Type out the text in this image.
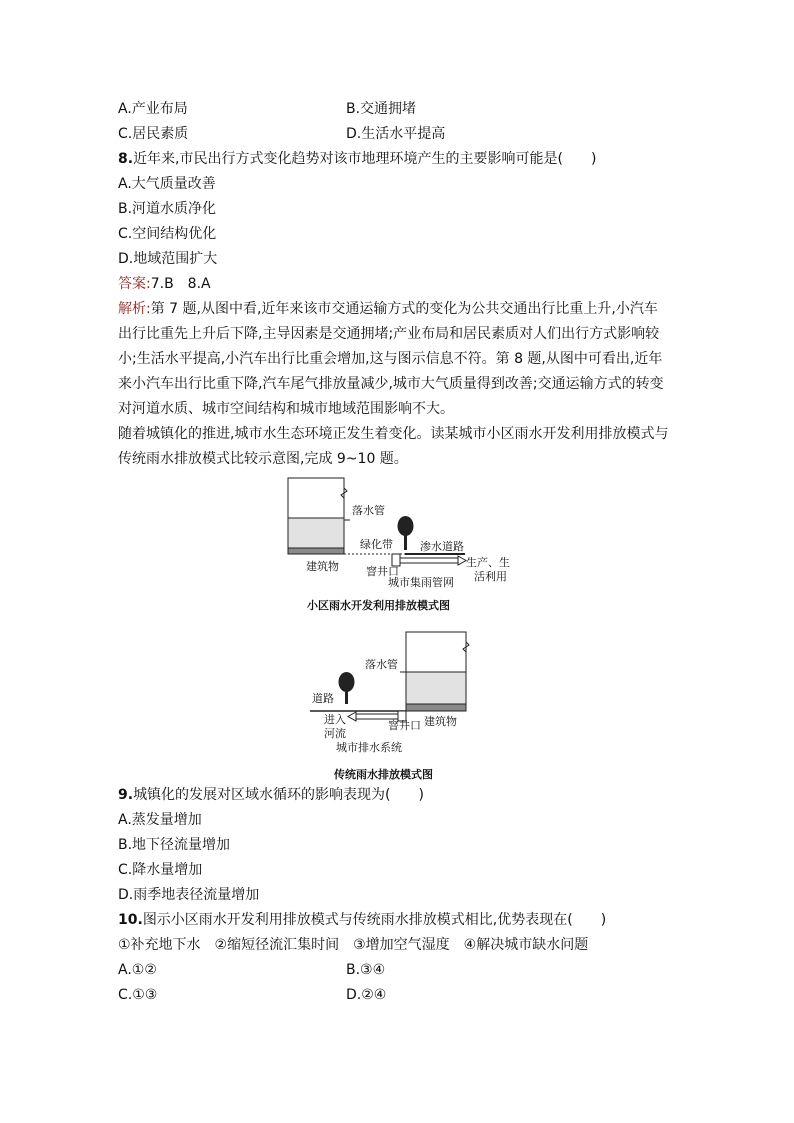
A.产业布局	B.交通拥堵
C.居民素质	D.生活水平提高
8.近年来,市民出行方式变化趋势对该市地理环境产生的主要影响可能是(　　)
A.大气质量改善
B.河道水质净化
C.空间结构优化
D.地域范围扩大
答案:7.B　8.A
解析:第 7 题,从图中看,近年来该市交通运输方式的变化为公共交通出行比重上升,小汽车
出行比重先上升后下降,主导因素是交通拥堵;产业布局和居民素质对人们出行方式影响较
小;生活水平提高,小汽车出行比重会增加,这与图示信息不符。第 8 题,从图中可看出,近年
来小汽车出行比重下降,汽车尾气排放量减少,城市大气质量得到改善;交通运输方式的转变
对河道水质、城市空间结构和城市地域范围影响不大。
随着城镇化的推进,城市水生态环境正发生着变化。读某城市小区雨水开发利用排放模式与
传统雨水排放模式比较示意图,完成 9~10 题。
落水管
绿化带 渗水道路
生产、生
活利用
建筑物 窨井口
城市集雨管网
小区雨水开发利用排放模式图
落水管
道路
进入
河流
窨井口 建筑物
城市排水系统
传统雨水排放模式图
9.城镇化的发展对区域水循环的影响表现为(　　)
A.蒸发量增加
B.地下径流量增加
C.降水量增加
D.雨季地表径流量增加
10.图示小区雨水开发利用排放模式与传统雨水排放模式相比,优势表现在(　　)
①补充地下水　②缩短径流汇集时间　③增加空气湿度　④解决城市缺水问题
A.①②	B.③④
C.①③	D.②④
